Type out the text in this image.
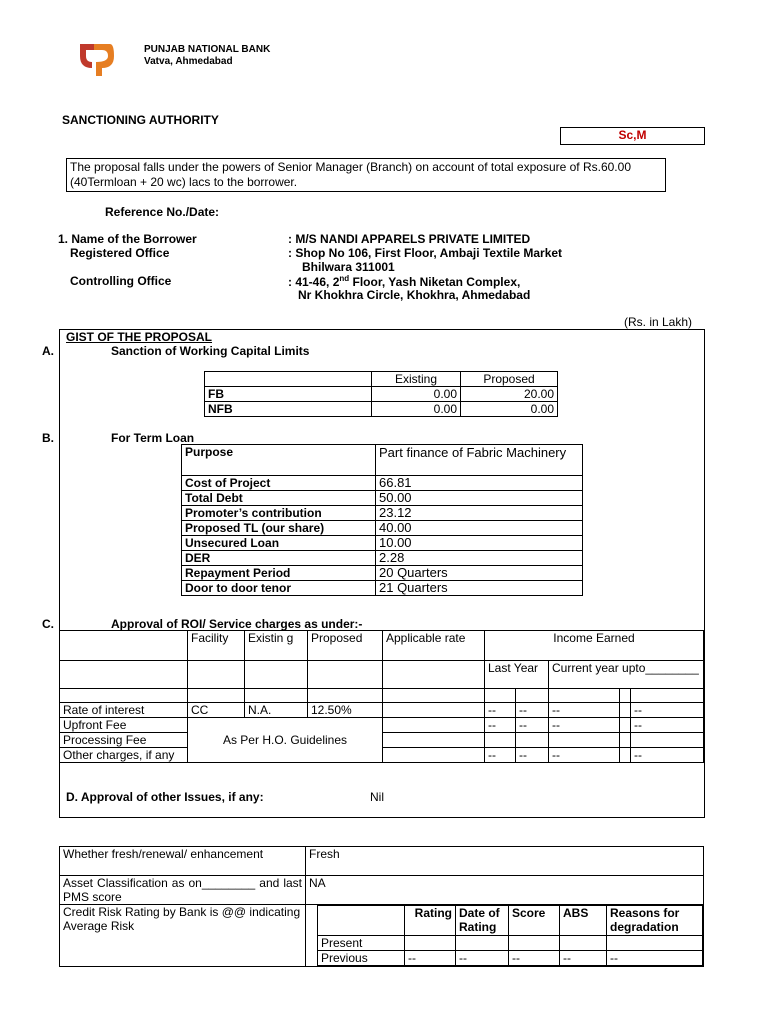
PUNJAB NATIONAL BANK
Vatva, Ahmedabad
SANCTIONING AUTHORITY
Sc,M
The proposal falls under the powers of Senior Manager (Branch) on account of total exposure of Rs.60.00 (40Termloan + 20 wc) lacs to the borrower.
Reference No./Date:
1. Name of the Borrower	: M/S NANDI APPARELS PRIVATE LIMITED
Registered Office	: Shop No 106, First Floor, Ambaji Textile Market
Bhilwara 311001
Controlling Office	: 41-46, 2nd Floor, Yash Niketan Complex,
Nr Khokhra Circle, Khokhra, Ahmedabad
(Rs. in Lakh)
GIST OF THE PROPOSAL
A.	Sanction of Working Capital Limits
	Existing	Proposed
FB	0.00	20.00
NFB	0.00	0.00
B.	For Term Loan
Purpose	Part finance of Fabric Machinery
Cost of Project	66.81
Total Debt	50.00
Promoter’s contribution	23.12
Proposed TL (our share)	40.00
Unsecured Loan	10.00
DER	2.28
Repayment Period	20 Quarters
Door to door tenor	21 Quarters
C.	Approval of ROI/ Service charges as under:-
	Facility	Existin g	Proposed	Applicable rate	Income Earned				
					Last Year		Current year upto________		

Rate of interest	CC	N.A.	12.50%		--	--	--		--
Upfront Fee	As Per H.O. Guidelines				--	--	--		--
Processing Fee									
Other charges, if any					--	--	--		--
D. Approval of other Issues, if any:	Nil
Whether fresh/renewal/ enhancement	Fresh
Asset Classification as on________ and last PMS score	NA
Credit Risk Rating by Bank is @@ indicating Average Risk	
	Rating	Date of Rating	Score	ABS	Reasons for degradation
Present					
Previous	--	--	--	--	--
